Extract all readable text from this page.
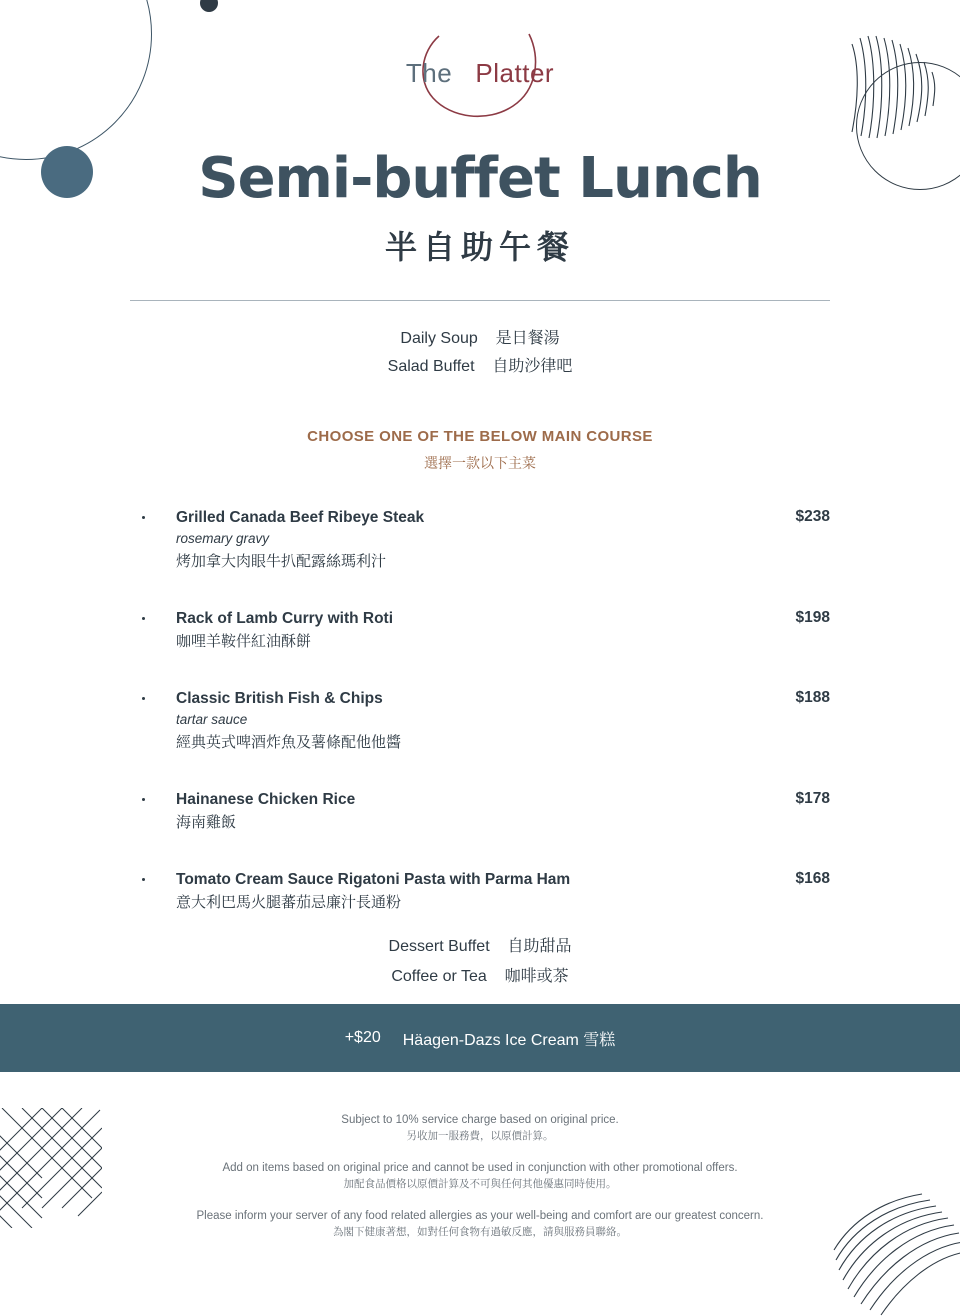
The Platter
Semi-buffet Lunch
半自助午餐
Daily Soup 是日餐湯
Salad Buffet 自助沙律吧
CHOOSE ONE OF THE BELOW MAIN COURSE
選擇一款以下主菜
Grilled Canada Beef Ribeye Steak
rosemary gravy
烤加拿大肉眼牛扒配露絲瑪利汁
$238
Rack of Lamb Curry with Roti
咖哩羊鞍伴紅油酥餅
$198
Classic British Fish & Chips
tartar sauce
經典英式啤酒炸魚及薯條配他他醬
$188
Hainanese Chicken Rice
海南雞飯
$178
Tomato Cream Sauce Rigatoni Pasta with Parma Ham
意大利巴馬火腿蕃茄忌廉汁長通粉
$168
Dessert Buffet 自助甜品
Coffee or Tea 咖啡或茶
+$20 Häagen-Dazs Ice Cream 雪糕
Subject to 10% service charge based on original price.
另收加一服務費，以原價計算。
Add on items based on original price and cannot be used in conjunction with other promotional offers.
加配食品價格以原價計算及不可與任何其他優惠同時使用。
Please inform your server of any food related allergies as your well-being and comfort are our greatest concern.
為閣下健康著想，如對任何食物有過敏反應，請與服務員聯絡。
